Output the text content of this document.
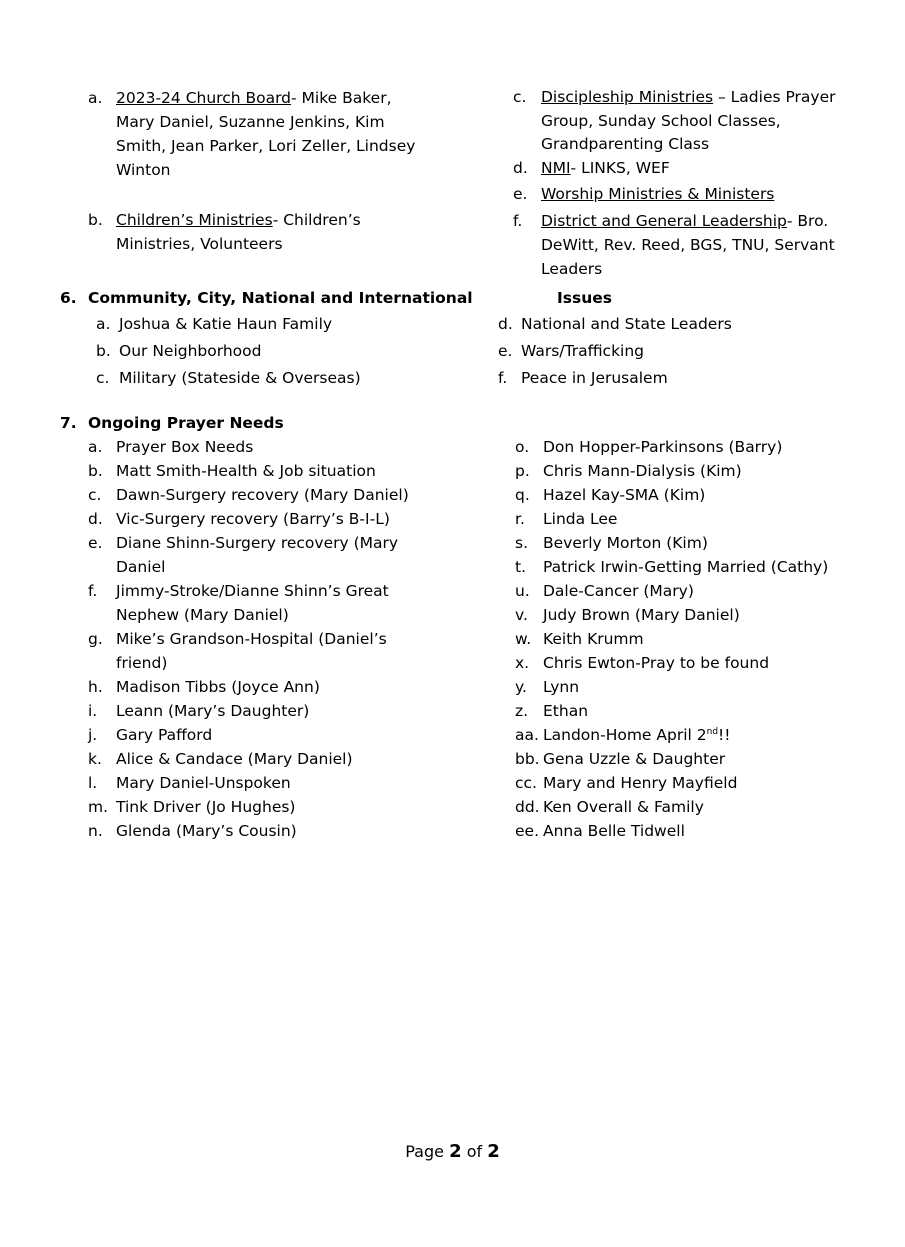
a. 2023-24 Church Board- Mike Baker, Mary Daniel, Suzanne Jenkins, Kim Smith, Jean Parker, Lori Zeller, Lindsey Winton
b. Children’s Ministries- Children’s Ministries, Volunteers
c. Discipleship Ministries – Ladies Prayer Group, Sunday School Classes, Grandparenting Class
d. NMI- LINKS, WEF
e. Worship Ministries & Ministers
f. District and General Leadership- Bro. DeWitt, Rev. Reed, BGS, TNU, Servant Leaders
6. Community, City, National and International	Issues
a. Joshua & Katie Haun Family
b. Our Neighborhood
c. Military (Stateside & Overseas)
d. National and State Leaders
e. Wars/Trafficking
f. Peace in Jerusalem
7. Ongoing Prayer Needs
a. Prayer Box Needs
b. Matt Smith-Health & Job situation
c. Dawn-Surgery recovery (Mary Daniel)
d. Vic-Surgery recovery (Barry’s B-I-L)
e. Diane Shinn-Surgery recovery (Mary Daniel
f. Jimmy-Stroke/Dianne Shinn’s Great Nephew (Mary Daniel)
g. Mike’s Grandson-Hospital (Daniel’s friend)
h. Madison Tibbs (Joyce Ann)
i. Leann (Mary’s Daughter)
j. Gary Pafford
k. Alice & Candace (Mary Daniel)
l. Mary Daniel-Unspoken
m. Tink Driver (Jo Hughes)
n. Glenda (Mary’s Cousin)
o. Don Hopper-Parkinsons (Barry)
p. Chris Mann-Dialysis (Kim)
q. Hazel Kay-SMA (Kim)
r. Linda Lee
s. Beverly Morton (Kim)
t. Patrick Irwin-Getting Married (Cathy)
u. Dale-Cancer (Mary)
v. Judy Brown (Mary Daniel)
w. Keith Krumm
x. Chris Ewton-Pray to be found
y. Lynn
z. Ethan
aa. Landon-Home April 2nd!!
bb. Gena Uzzle & Daughter
cc. Mary and Henry Mayfield
dd. Ken Overall & Family
ee. Anna Belle Tidwell
Page 2 of 2
